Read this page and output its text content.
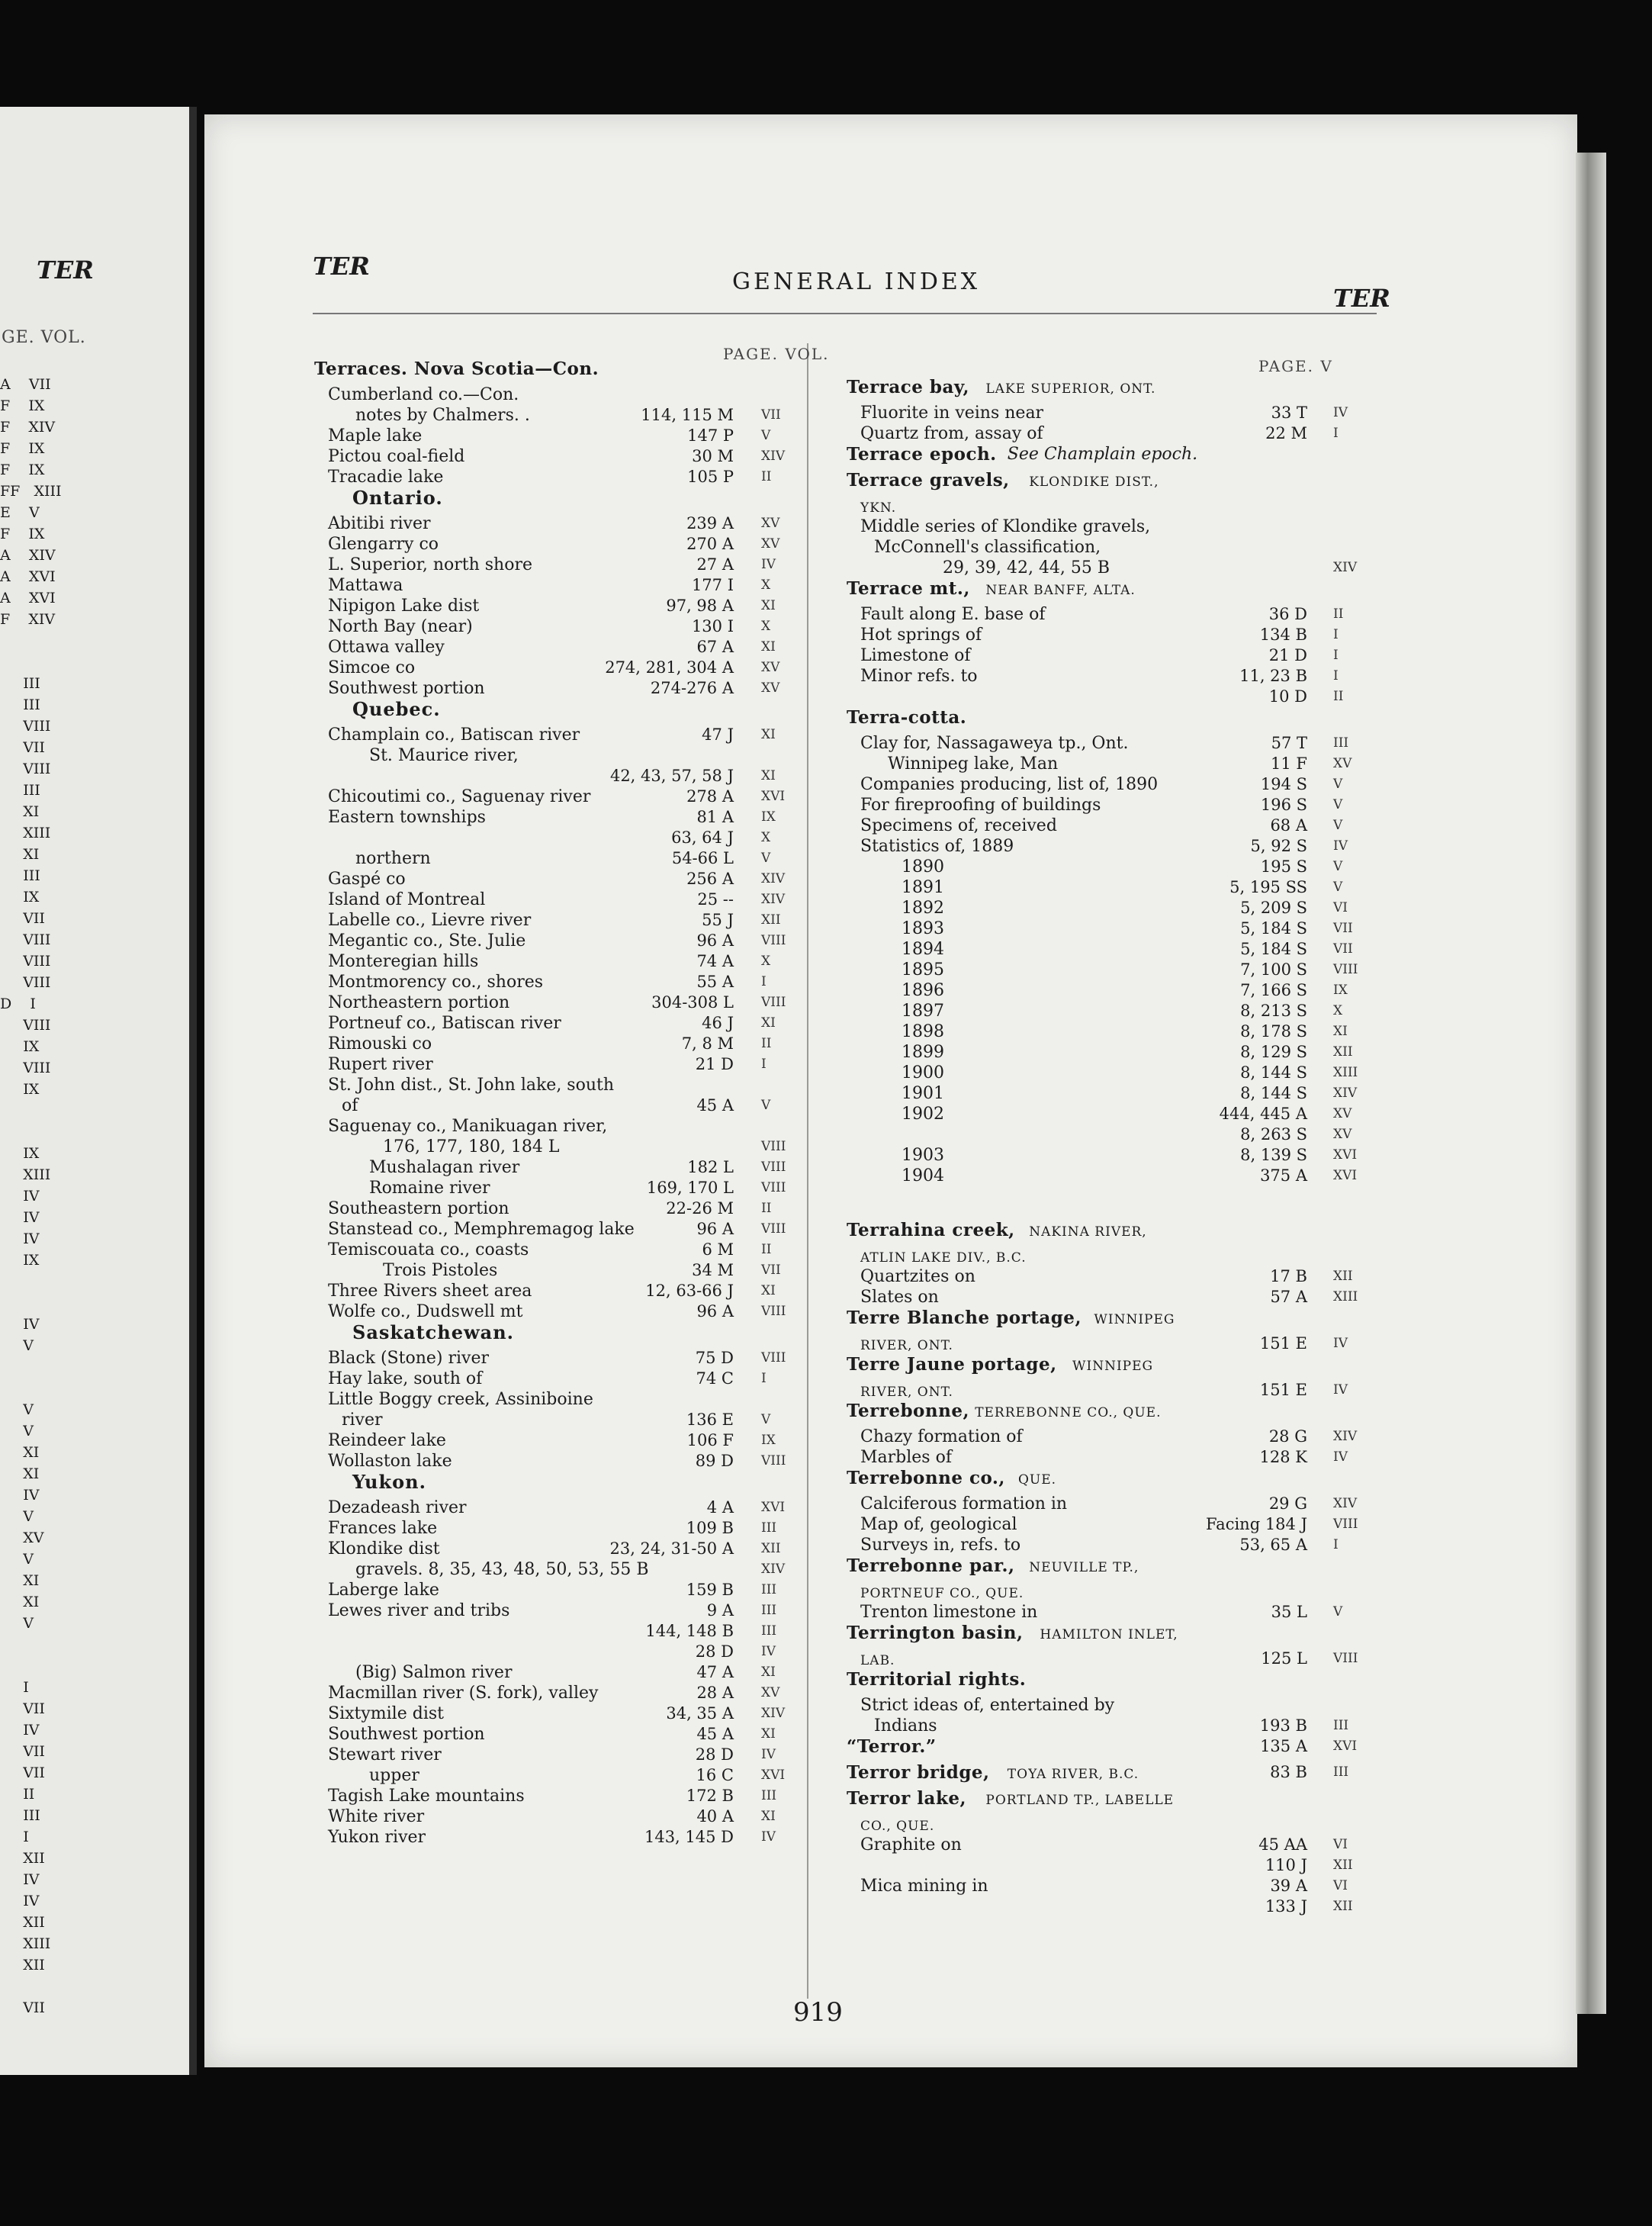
TER
GE. VOL.
A    VII
F    IX
F    XIV
F    IX
F    IX
FF   XIII
E    V
F    IX
A    XIV
A    XVI
A    XVI
F    XIV
III
III
VIII
VII
VIII
III
XI
XIII
XI
III
IX
VII
VIII
VIII
VIII
D    I
VIII
IX
VIII
IX
IX
XIII
IV
IV
IV
IX
IV
V
V
V
XI
XI
IV
V
XV
V
XI
XI
V
I
VII
IV
VII
VII
II
III
I
XII
IV
IV
XII
XIII
XII
VII
TER
GENERAL INDEX
TER
PAGE. VOL.
PAGE. V
Terraces. Nova Scotia—Con.
Cumberland co.—Con.
notes by Chalmers. .	114, 115 M VII
Maple lake	147 P V
Pictou coal-field	30 M XIV
Tracadie lake	105 P II
Ontario.
Abitibi river	239 A XV
Glengarry co	270 A XV
L. Superior, north shore	27 A IV
Mattawa	177 I X
Nipigon Lake dist	97, 98 A XI
North Bay (near)	130 I X
Ottawa valley	67 A XI
Simcoe co	274, 281, 304 A XV
Southwest portion	274-276 A XV
Quebec.
Champlain co., Batiscan river	47 J XI
St. Maurice river,
42, 43, 57, 58 J XI
Chicoutimi co., Saguenay river	278 A XVI
Eastern townships	81 A IX
63, 64 J X
northern	54-66 L V
Gaspé co	256 A XIV
Island of Montreal	25 -- XIV
Labelle co., Lievre river	55 J XII
Megantic co., Ste. Julie	96 A VIII
Monteregian hills	74 A X
Montmorency co., shores	55 A I
Northeastern portion	304-308 L VIII
Portneuf co., Batiscan river	46 J XI
Rimouski co	7, 8 M II
Rupert river	21 D I
St. John dist., St. John lake, south
of	45 A V
Saguenay co., Manikuagan river,
176, 177, 180, 184 L	VIII
Mushalagan river	182 L VIII
Romaine river	169, 170 L VIII
Southeastern portion	22-26 M II
Stanstead co., Memphremagog lake	96 A VIII
Temiscouata co., coasts	6 M II
Trois Pistoles	34 M VII
Three Rivers sheet area	12, 63-66 J XI
Wolfe co., Dudswell mt	96 A VIII
Saskatchewan.
Black (Stone) river	75 D VIII
Hay lake, south of	74 C I
Little Boggy creek, Assiniboine
river	136 E V
Reindeer lake	106 F IX
Wollaston lake	89 D VIII
Yukon.
Dezadeash river	4 A XVI
Frances lake	109 B III
Klondike dist	23, 24, 31-50 A XII
gravels. 8, 35, 43, 48, 50, 53, 55 B	XIV
Laberge lake	159 B III
Lewes river and tribs	9 A III
144, 148 B III
28 D IV
(Big) Salmon river	47 A XI
Macmillan river (S. fork), valley	28 A XV
Sixtymile dist	34, 35 A XIV
Southwest portion	45 A XI
Stewart river	28 D IV
upper	16 C XVI
Tagish Lake mountains	172 B III
White river	40 A XI
Yukon river	143, 145 D IV
Terrace bay, LAKE SUPERIOR, ONT.
Fluorite in veins near	33 T IV
Quartz from, assay of	22 M I
Terrace epoch. See Champlain epoch.
Terrace gravels, KLONDIKE DIST.,
YKN.
Middle series of Klondike gravels,
McConnell's classification,
29, 39, 42, 44, 55 B	XIV
Terrace mt., NEAR BANFF, ALTA.
Fault along E. base of	36 D II
Hot springs of	134 B I
Limestone of	21 D I
Minor refs. to	11, 23 B I
10 D II
Terra-cotta.
Clay for, Nassagaweya tp., Ont.	57 T III
Winnipeg lake, Man	11 F XV
Companies producing, list of, 1890	194 S V
For fireproofing of buildings	196 S V
Specimens of, received	68 A V
Statistics of, 1889	5, 92 S IV
1890	195 S V
1891	5, 195 SS V
1892	5, 209 S VI
1893	5, 184 S VII
1894	5, 184 S VII
1895	7, 100 S VIII
1896	7, 166 S IX
1897	8, 213 S X
1898	8, 178 S XI
1899	8, 129 S XII
1900	8, 144 S XIII
1901	8, 144 S XIV
1902	444, 445 A XV
8, 263 S XV
1903	8, 139 S XVI
1904	375 A XVI
Terrahina creek, NAKINA RIVER,
ATLIN LAKE DIV., B.C.
Quartzites on	17 B XII
Slates on	57 A XIII
Terre Blanche portage, WINNIPEG
RIVER, ONT.	151 E IV
Terre Jaune portage, WINNIPEG
RIVER, ONT.	151 E IV
Terrebonne, TERREBONNE CO., QUE.
Chazy formation of	28 G XIV
Marbles of	128 K IV
Terrebonne co., QUE.
Calciferous formation in	29 G XIV
Map of, geological	Facing 184 J VIII
Surveys in, refs. to	53, 65 A I
Terrebonne par., NEUVILLE TP.,
PORTNEUF CO., QUE.
Trenton limestone in	35 L V
Terrington basin, HAMILTON INLET,
LAB.	125 L VIII
Territorial rights.
Strict ideas of, entertained by
Indians	193 B III
“Terror.”	135 A XVI
Terror bridge, TOYA RIVER, B.C.	83 B III
Terror lake, PORTLAND TP., LABELLE
CO., QUE.
Graphite on	45 AA VI
110 J XII
Mica mining in	39 A VI
133 J XII
919
